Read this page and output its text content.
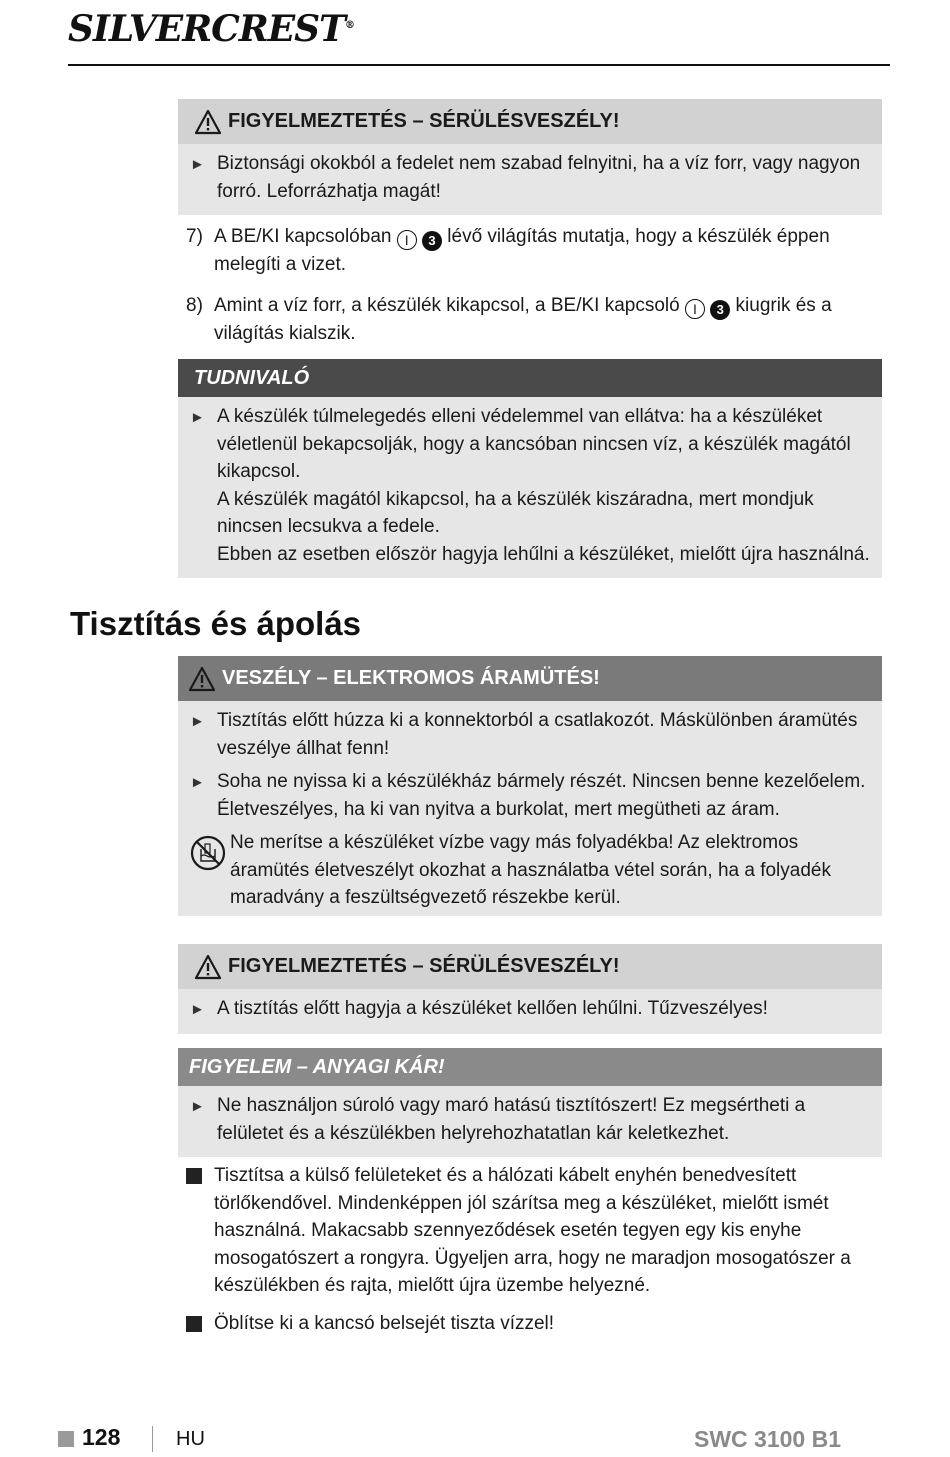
SILVERCREST®
FIGYELMEZTETÉS – SÉRÜLÉSVESZÉLY!
► Biztonsági okokból a fedelet nem szabad felnyitni, ha a víz forr, vagy nagyon forró. Leforrázhatja magát!
7) A BE/KI kapcsolóban I 3 lévő világítás mutatja, hogy a készülék éppen melegíti a vizet.
8) Amint a víz forr, a készülék kikapcsol, a BE/KI kapcsoló I 3 kiugrik és a világítás kialszik.
TUDNIVALÓ
► A készülék túlmelegedés elleni védelemmel van ellátva: ha a készüléket véletlenül bekapcsolják, hogy a kancsóban nincsen víz, a készülék magától kikapcsol.

A készülék magától kikapcsol, ha a készülék kiszáradna, mert mondjuk nincsen lecsukva a fedele.

Ebben az esetben először hagyja lehűlni a készüléket, mielőtt újra használná.

Tisztítás és ápolás
VESZÉLY – ELEKTROMOS ÁRAMÜTÉS!
► Tisztítás előtt húzza ki a konnektorból a csatlakozót. Máskülönben áramütés veszélye állhat fenn!
► Soha ne nyissa ki a készülékház bármely részét. Nincsen benne kezelőelem. Életveszélyes, ha ki van nyitva a burkolat, mert megütheti az áram.
Ne merítse a készüléket vízbe vagy más folyadékba! Az elektromos áramütés életveszélyt okozhat a használatba vétel során, ha a folyadék maradvány a feszültségvezető részekbe kerül.
FIGYELMEZTETÉS – SÉRÜLÉSVESZÉLY!
► A tisztítás előtt hagyja a készüléket kellően lehűlni. Tűzveszélyes!
FIGYELEM – ANYAGI KÁR!
► Ne használjon súroló vagy maró hatású tisztítószert! Ez megsértheti a felületet és a készülékben helyrehozhatatlan kár keletkezhet.
Tisztítsa a külső felületeket és a hálózati kábelt enyhén benedvesített törlőkendővel. Mindenképpen jól szárítsa meg a készüléket, mielőtt ismét használná. Makacsabb szennyeződések esetén tegyen egy kis enyhe mosogatószert a rongyra. Ügyeljen arra, hogy ne maradjon mosogatószer a készülékben és rajta, mielőtt újra üzembe helyezné.
Öblítse ki a kancsó belsejét tiszta vízzel!
128	HU	SWC 3100 B1
